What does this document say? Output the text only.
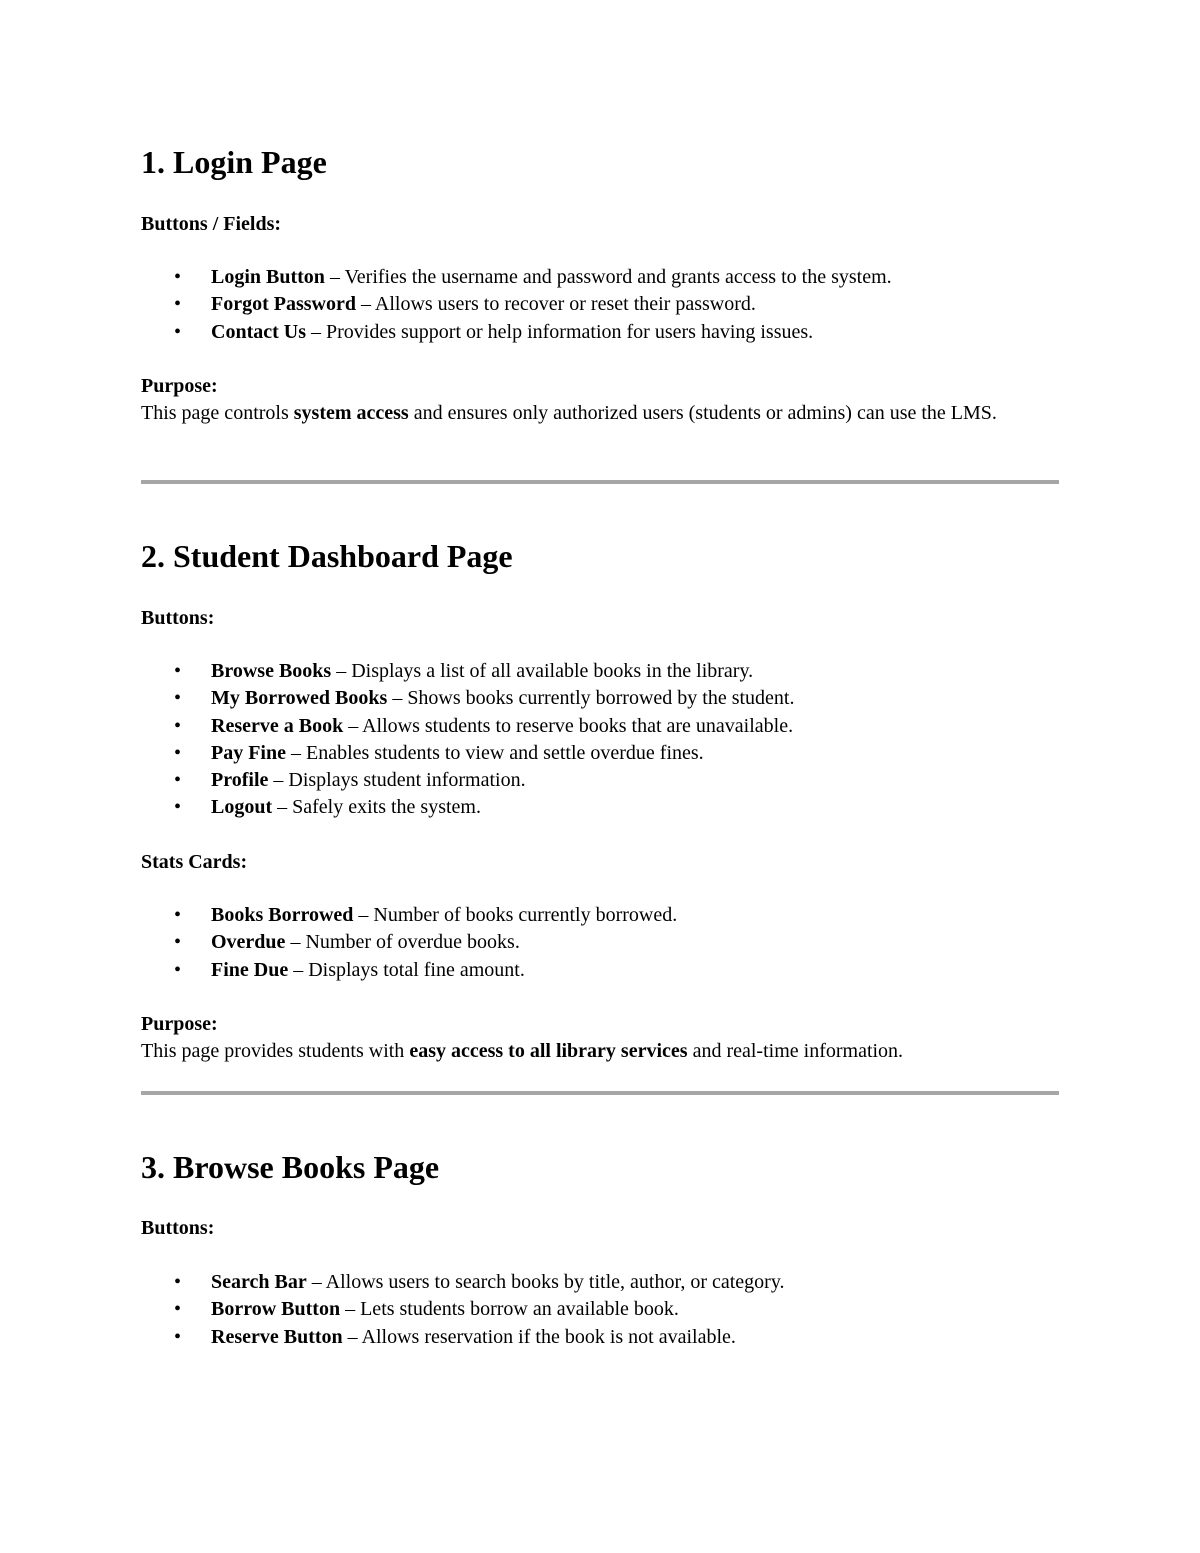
1. Login Page

Buttons / Fields:

• Login Button – Verifies the username and password and grants access to the system.
• Forgot Password – Allows users to recover or reset their password.
• Contact Us – Provides support or help information for users having issues.

Purpose:

This page controls system access and ensures only authorized users (students or admins) can use the LMS.

2. Student Dashboard Page

Buttons:

• Browse Books – Displays a list of all available books in the library.
• My Borrowed Books – Shows books currently borrowed by the student.
• Reserve a Book – Allows students to reserve books that are unavailable.
• Pay Fine – Enables students to view and settle overdue fines.
• Profile – Displays student information.
• Logout – Safely exits the system.

Stats Cards:

• Books Borrowed – Number of books currently borrowed.
• Overdue – Number of overdue books.
• Fine Due – Displays total fine amount.

Purpose:

This page provides students with easy access to all library services and real-time information.

3. Browse Books Page

Buttons:

• Search Bar – Allows users to search books by title, author, or category.
• Borrow Button – Lets students borrow an available book.
• Reserve Button – Allows reservation if the book is not available.
